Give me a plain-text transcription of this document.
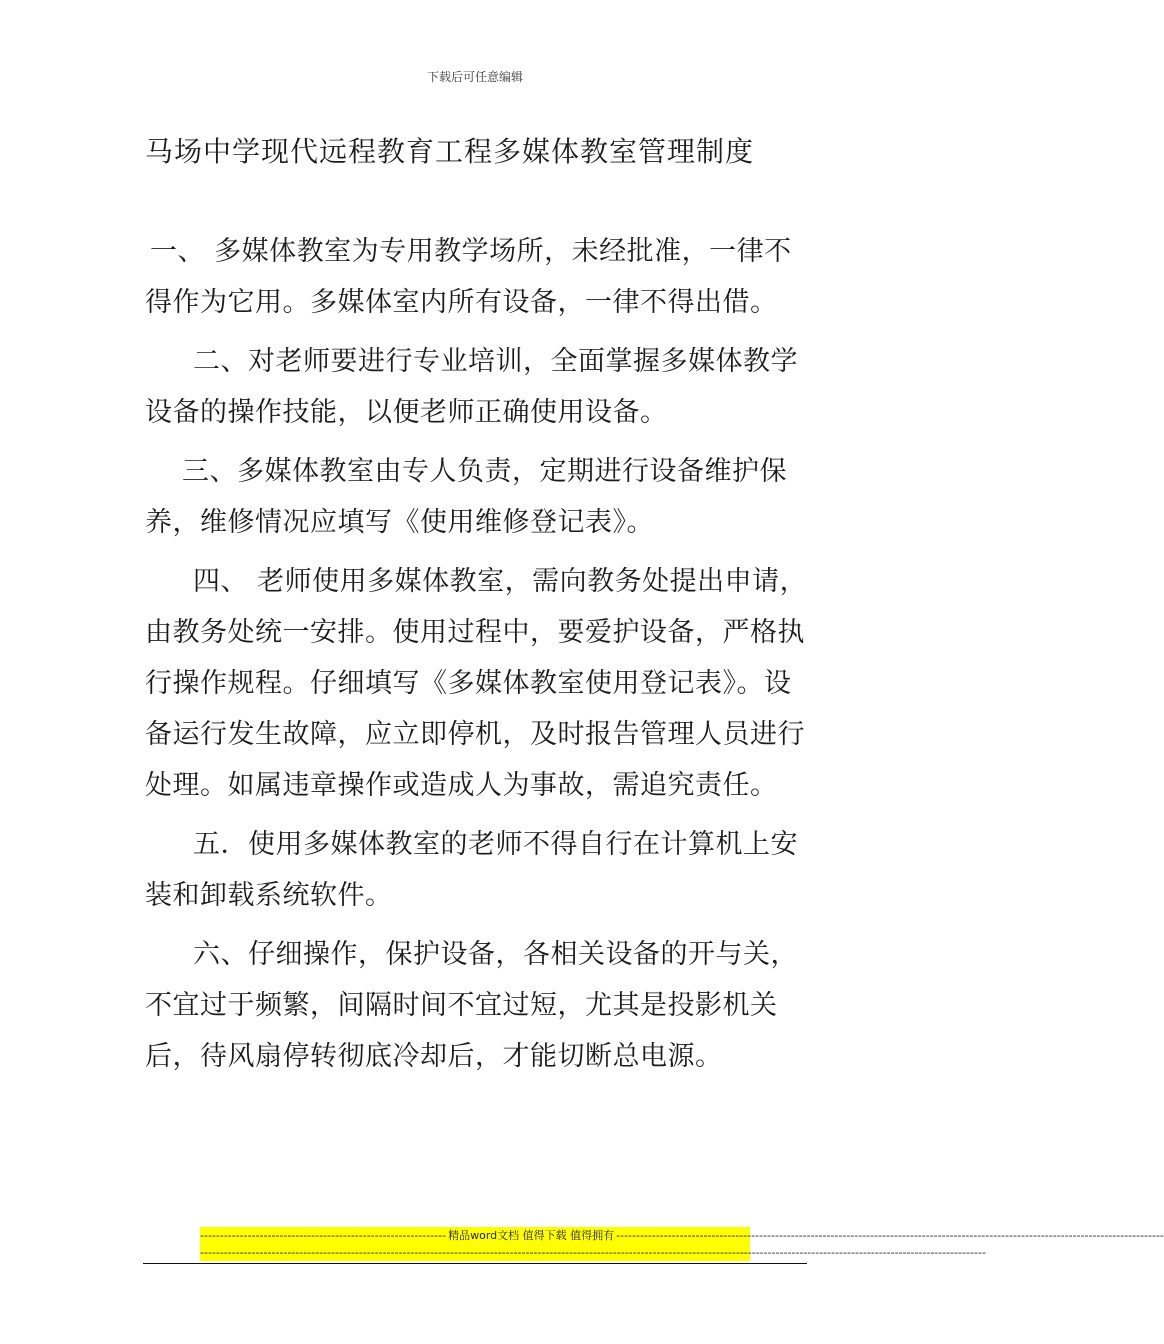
下载后可任意编辑
马场中学现代远程教育工程多媒体教室管理制度

一、 多媒体教室为专用教学场所，未经批准，一律不得作为它用。多媒体室内所有设备，一律不得出借。

二、对老师要进行专业培训，全面掌握多媒体教学设备的操作技能，以便老师正确使用设备。

三、多媒体教室由专人负责，定期进行设备维护保养，维修情况应填写《使用维修登记表》。

四、 老师使用多媒体教室，需向教务处提出申请，由教务处统一安排。使用过程中，要爱护设备，严格执行操作规程。仔细填写《多媒体教室使用登记表》。设备运行发生故障，应立即停机，及时报告管理人员进行处理。如属违章操作或造成人为事故，需追究责任。

五．使用多媒体教室的老师不得自行在计算机上安装和卸载系统软件。

六、仔细操作，保护设备，各相关设备的开与关，不宜过于频繁，间隔时间不宜过短，尤其是投影机关后，待风扇停转彻底冷却后，才能切断总电源。

-------------------------------------------------------------- 精品word文档 值得下载 值得拥有 ------------------------------------------------------------------------------------------------------------------------------------------
------------------------------------------------------------------------------------------------------------------------------------------------------------------------------------------------------
